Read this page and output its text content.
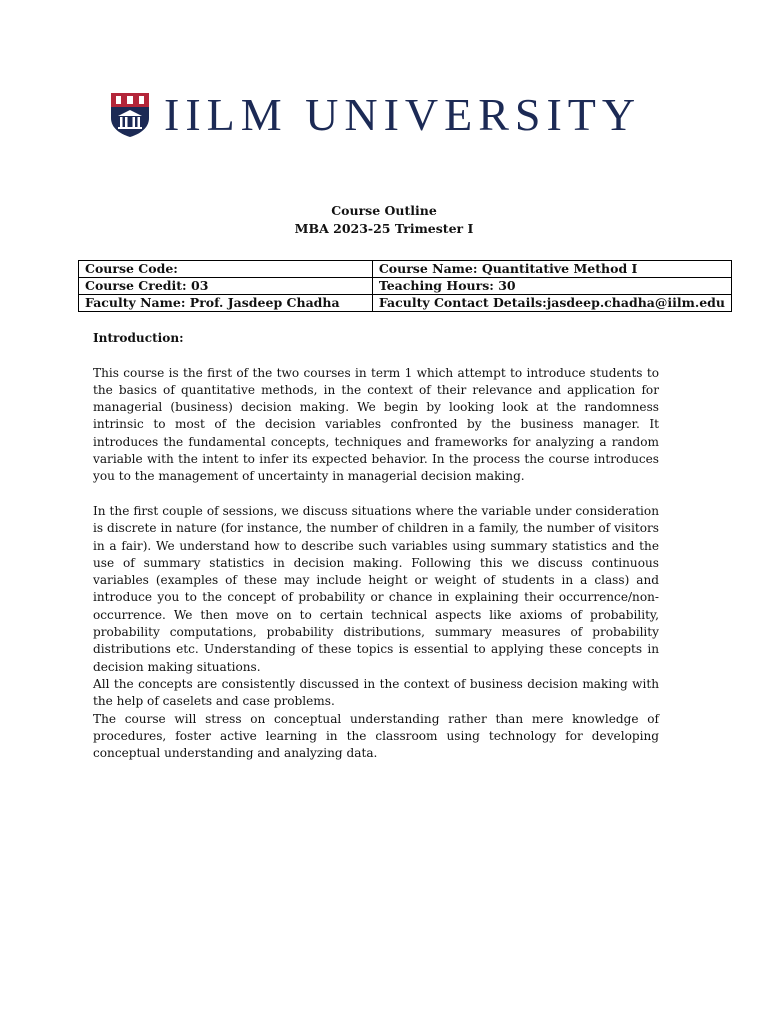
IILM UNIVERSITY
Course Outline
MBA 2023-25 Trimester I
Course Code:	Course Name: Quantitative Method I
Course Credit: 03	Teaching Hours: 30
Faculty Name: Prof. Jasdeep Chadha	Faculty Contact Details:jasdeep.chadha@iilm.edu

Introduction:

This course is the first of the two courses in term 1 which attempt to introduce students to the basics of quantitative methods, in the context of their relevance and application for managerial (business) decision making. We begin by looking look at the randomness intrinsic to most of the decision variables confronted by the business manager. It introduces the fundamental concepts, techniques and frameworks for analyzing a random variable with the intent to infer its expected behavior. In the process the course introduces you to the management of uncertainty in managerial decision making.

In the first couple of sessions, we discuss situations where the variable under consideration is discrete in nature (for instance, the number of children in a family, the number of visitors in a fair). We understand how to describe such variables using summary statistics and the use of summary statistics in decision making. Following this we discuss continuous variables (examples of these may include height or weight of students in a class) and introduce you to the concept of probability or chance in explaining their occurrence/non-occurrence. We then move on to certain technical aspects like axioms of probability, probability computations, probability distributions, summary measures of probability distributions etc. Understanding of these topics is essential to applying these concepts in decision making situations.

All the concepts are consistently discussed in the context of business decision making with the help of caselets and case problems.

The course will stress on conceptual understanding rather than mere knowledge of procedures, foster active learning in the classroom using technology for developing conceptual understanding and analyzing data.
